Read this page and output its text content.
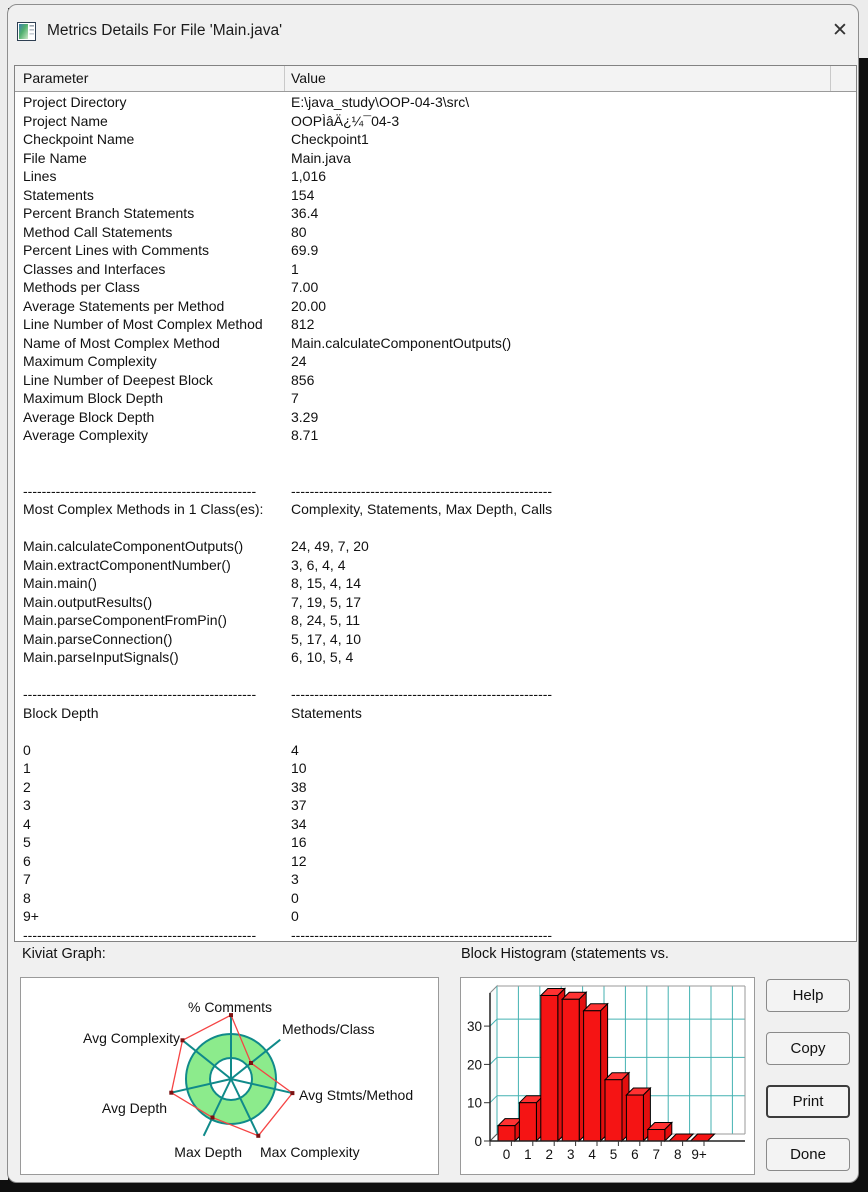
Metrics Details For File 'Main.java'	✕
Parameter	Value
Project Directory	E:\java_study\OOP-04-3\src\
Project Name	OOPÌâÄ¿¼¯04-3
Checkpoint Name	Checkpoint1
File Name	Main.java
Lines	1,016
Statements	154
Percent Branch Statements	36.4
Method Call Statements	80
Percent Lines with Comments	69.9
Classes and Interfaces	1
Methods per Class	7.00
Average Statements per Method	20.00
Line Number of Most Complex Method 812
Name of Most Complex Method	Main.calculateComponentOutputs()
Maximum Complexity	24
Line Number of Deepest Block	856
Maximum Block Depth	7
Average Block Depth	3.29
Average Complexity	8.71
-------------------------------------------------- --------------------------------------------------------
Most Complex Methods in 1 Class(es): Complexity, Statements, Max Depth, Calls
Main.calculateComponentOutputs()	24, 49, 7, 20
Main.extractComponentNumber()	3, 6, 4, 4
Main.main()	8, 15, 4, 14
Main.outputResults()	7, 19, 5, 17
Main.parseComponentFromPin()	8, 24, 5, 11
Main.parseConnection()	5, 17, 4, 10
Main.parseInputSignals()	6, 10, 5, 4
-------------------------------------------------- --------------------------------------------------------
Block Depth	Statements
0	4
1	10
2	38
3	37
4	34
5	16
6	12
7	3
8	0
9+	0
-------------------------------------------------- --------------------------------------------------------
Kiviat Graph:
% Comments
Methods/Class
Avg Stmts/Method
Max Complexity
Max Depth
Avg Depth
Avg Complexity
Block Histogram (statements vs.
0
10
20
30
0 1 2 3 4 5 6 7 8 9+
Help
Copy
Print
Done
